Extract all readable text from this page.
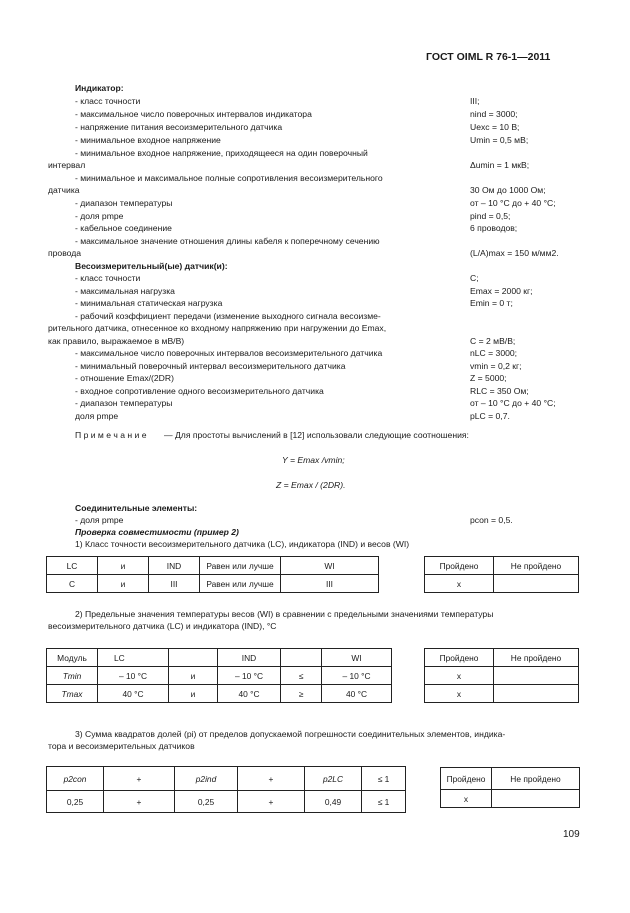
ГОСТ OIML R 76-1—2011
Индикатор:
- класс точности	III;
- максимальное число поверочных интервалов индикатора	nind = 3000;
- напряжение питания весоизмерительного датчика	Uexc = 10 В;
- минимальное входное напряжение	Umin = 0,5 мВ;
- минимальное входное напряжение, приходящееся на один поверочный
интервал	Δumin = 1 мкВ;
- минимальное и максимальное полные сопротивления весоизмерительного
датчика	30 Ом до 1000 Ом;
- диапазон температуры	от – 10 °С до + 40 °С;
- доля pmpe	pind = 0,5;
- кабельное соединение	6 проводов;
- максимальное значение отношения длины кабеля к поперечному сечению
провода	(L/A)max = 150 м/мм2.
Весоизмерительный(ые) датчик(и):
- класс точности	C;
- максимальная нагрузка	Emax = 2000 кг;
- минимальная статическая нагрузка	Emin = 0 т;
- рабочий коэффициент передачи (изменение выходного сигнала весоизме-
рительного датчика, отнесенное ко входному напряжению при нагружении до Emax,
как правило, выражаемое в мВ/В)	C = 2 мВ/В;
- максимальное число поверочных интервалов весоизмерительного датчика	nLC = 3000;
- минимальный поверочный интервал весоизмерительного датчика	vmin = 0,2 кг;
- отношение Emax/(2DR)	Z = 5000;
- входное сопротивление одного весоизмерительного датчика	RLC = 350 Ом;
- диапазон температуры	от – 10 °С до + 40 °С;
доля pmpe	pLC = 0,7.
П р и м е ч а н и е — Для простоты вычислений в [12] использовали следующие соотношения:
Y = Emax /vmin;
Z = Emax / (2DR).
Соединительные элементы:
- доля pmpe	pcon = 0,5.
Проверка совместимости (пример 2)
1) Класс точности весоизмерительного датчика (LC), индикатора (IND) и весов (WI)
LC	и	IND	Равен или лучше	WI
C	и	III	Равен или лучше	III
Пройдено	Не пройдено
x	
2) Предельные значения температуры весов (WI) в сравнении с предельными значениями температуры
весоизмерительного датчика (LC) и индикатора (IND), °С
Модуль	LC		IND		WI
Tmin	– 10 °С	и	– 10 °С	≤	– 10 °С
Tmax	40 °С	и	40 °С	≥	40 °С
Пройдено	Не пройдено
x	
x	
3) Сумма квадратов долей (pi) от пределов допускаемой погрешности соединительных элементов, индика-
тора и весоизмерительных датчиков
p2con	+	p2ind	+	p2LC	≤ 1
0,25	+	0,25	+	0,49	≤ 1
Пройдено	Не пройдено
x	
109
